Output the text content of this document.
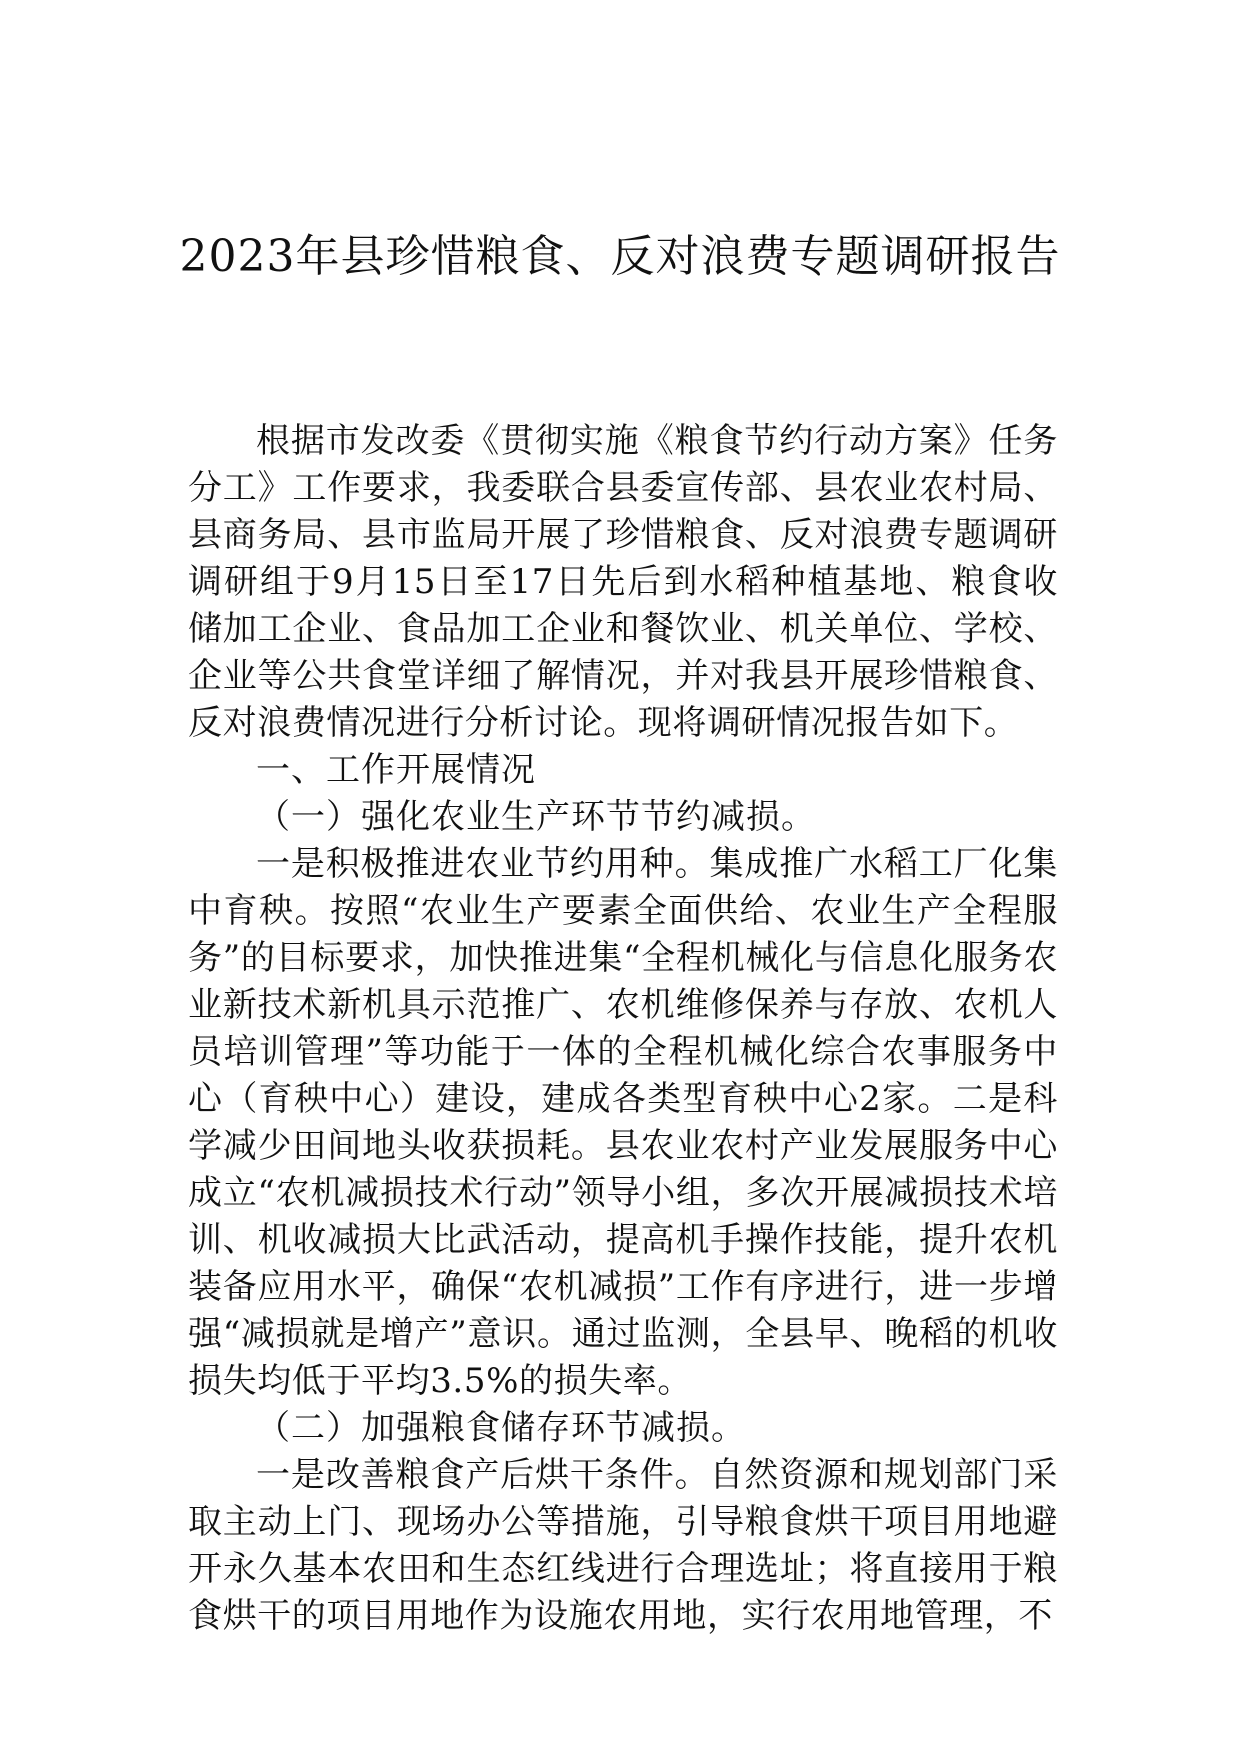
2023年县珍惜粮食、反对浪费专题调研报告

根据市发改委《贯彻实施《粮食节约行动方案》任务分工》工作要求，我委联合县委宣传部、县农业农村局、县商务局、县市监局开展了珍惜粮食、反对浪费专题调研调研组于9月15日至17日先后到水稻种植基地、粮食收储加工企业、食品加工企业和餐饮业、机关单位、学校、企业等公共食堂详细了解情况，并对我县开展珍惜粮食、反对浪费情况进行分析讨论。现将调研情况报告如下。

一、工作开展情况

（一）强化农业生产环节节约减损。

一是积极推进农业节约用种。集成推广水稻工厂化集中育秧。按照“农业生产要素全面供给、农业生产全程服务”的目标要求，加快推进集“全程机械化与信息化服务农业新技术新机具示范推广、农机维修保养与存放、农机人员培训管理”等功能于一体的全程机械化综合农事服务中心（育秧中心）建设，建成各类型育秧中心2家。二是科学减少田间地头收获损耗。县农业农村产业发展服务中心成立“农机减损技术行动”领导小组，多次开展减损技术培训、机收减损大比武活动，提高机手操作技能，提升农机装备应用水平，确保“农机减损”工作有序进行，进一步增强“减损就是增产”意识。通过监测，全县早、晚稻的机收损失均低于平均3.5%的损失率。

（二）加强粮食储存环节减损。

一是改善粮食产后烘干条件。自然资源和规划部门采取主动上门、现场办公等措施，引导粮食烘干项目用地避开永久基本农田和生态红线进行合理选址；将直接用于粮食烘干的项目用地作为设施农用地，实行农用地管理，不
